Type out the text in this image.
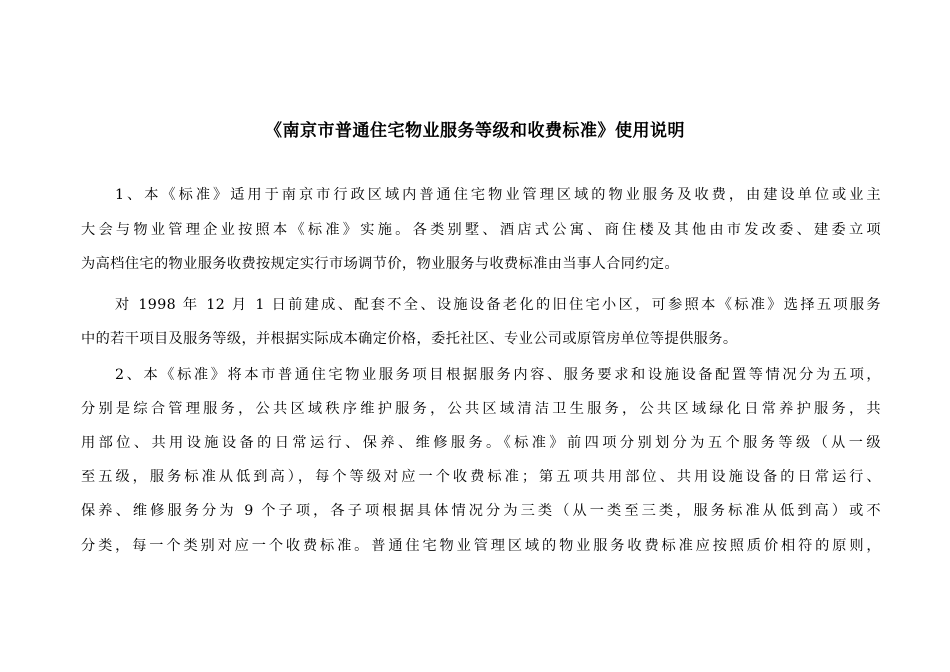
《南京市普通住宅物业服务等级和收费标准》使用说明
1、本《标准》适用于南京市行政区域内普通住宅物业管理区域的物业服务及收费，由建设单位或业主
大会与物业管理企业按照本《标准》实施。各类别墅、酒店式公寓、商住楼及其他由市发改委、建委立项
为高档住宅的物业服务收费按规定实行市场调节价，物业服务与收费标准由当事人合同约定。
对 1998 年 12 月 1 日前建成、配套不全、设施设备老化的旧住宅小区，可参照本《标准》选择五项服务
中的若干项目及服务等级，并根据实际成本确定价格，委托社区、专业公司或原管房单位等提供服务。
2、本《标准》将本市普通住宅物业服务项目根据服务内容、服务要求和设施设备配置等情况分为五项，
分别是综合管理服务，公共区域秩序维护服务，公共区域清洁卫生服务，公共区域绿化日常养护服务，共
用部位、共用设施设备的日常运行、保养、维修服务。《标准》前四项分别划分为五个服务等级（从一级
至五级，服务标准从低到高），每个等级对应一个收费标准；第五项共用部位、共用设施设备的日常运行、
保养、维修服务分为 9 个子项，各子项根据具体情况分为三类（从一类至三类，服务标准从低到高）或不
分类，每一个类别对应一个收费标准。普通住宅物业管理区域的物业服务收费标准应按照质价相符的原则，
